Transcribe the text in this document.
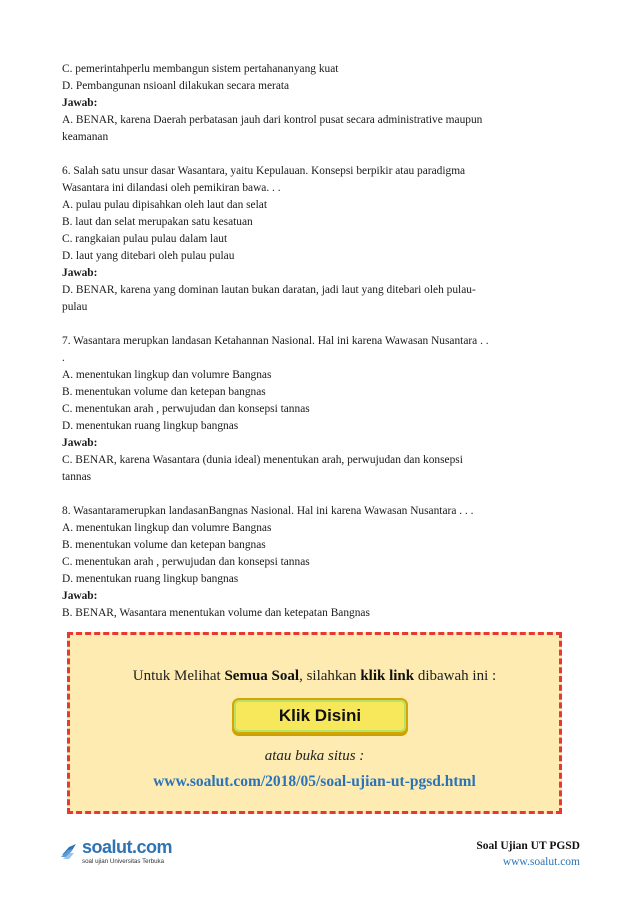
C. pemerintahperlu membangun sistem pertahananyang kuat
D. Pembangunan nsioanl dilakukan secara merata
Jawab:
A. BENAR, karena Daerah perbatasan jauh dari kontrol pusat secara administrative maupun
keamanan
6. Salah satu unsur dasar Wasantara, yaitu Kepulauan. Konsepsi berpikir atau paradigma
Wasantara ini dilandasi oleh pemikiran bawa. . .
A. pulau pulau dipisahkan oleh laut dan selat
B. laut dan selat merupakan satu kesatuan
C. rangkaian pulau pulau dalam laut
D. laut yang ditebari oleh pulau pulau
Jawab:
D. BENAR, karena yang dominan lautan bukan daratan, jadi laut yang ditebari oleh pulau-
pulau
7. Wasantara merupkan landasan Ketahannan Nasional. Hal ini karena Wawasan Nusantara . .
.
A. menentukan lingkup dan volumre Bangnas
B. menentukan volume dan ketepan bangnas
C. menentukan arah , perwujudan dan konsepsi tannas
D. menentukan ruang lingkup bangnas
Jawab:
C. BENAR, karena Wasantara (dunia ideal) menentukan arah, perwujudan dan konsepsi
tannas
8. Wasantaramerupkan landasanBangnas Nasional. Hal ini karena Wawasan Nusantara . . .
A. menentukan lingkup dan volumre Bangnas
B. menentukan volume dan ketepan bangnas
C. menentukan arah , perwujudan dan konsepsi tannas
D. menentukan ruang lingkup bangnas
Jawab:
B. BENAR, Wasantara menentukan volume dan ketepatan Bangnas
Untuk Melihat Semua Soal, silahkan klik link dibawah ini :
Klik Disini
atau buka situs :
www.soalut.com/2018/05/soal-ujian-ut-pgsd.html
soalut.com
soal ujian Universitas Terbuka
Soal Ujian UT PGSD
www.soalut.com
